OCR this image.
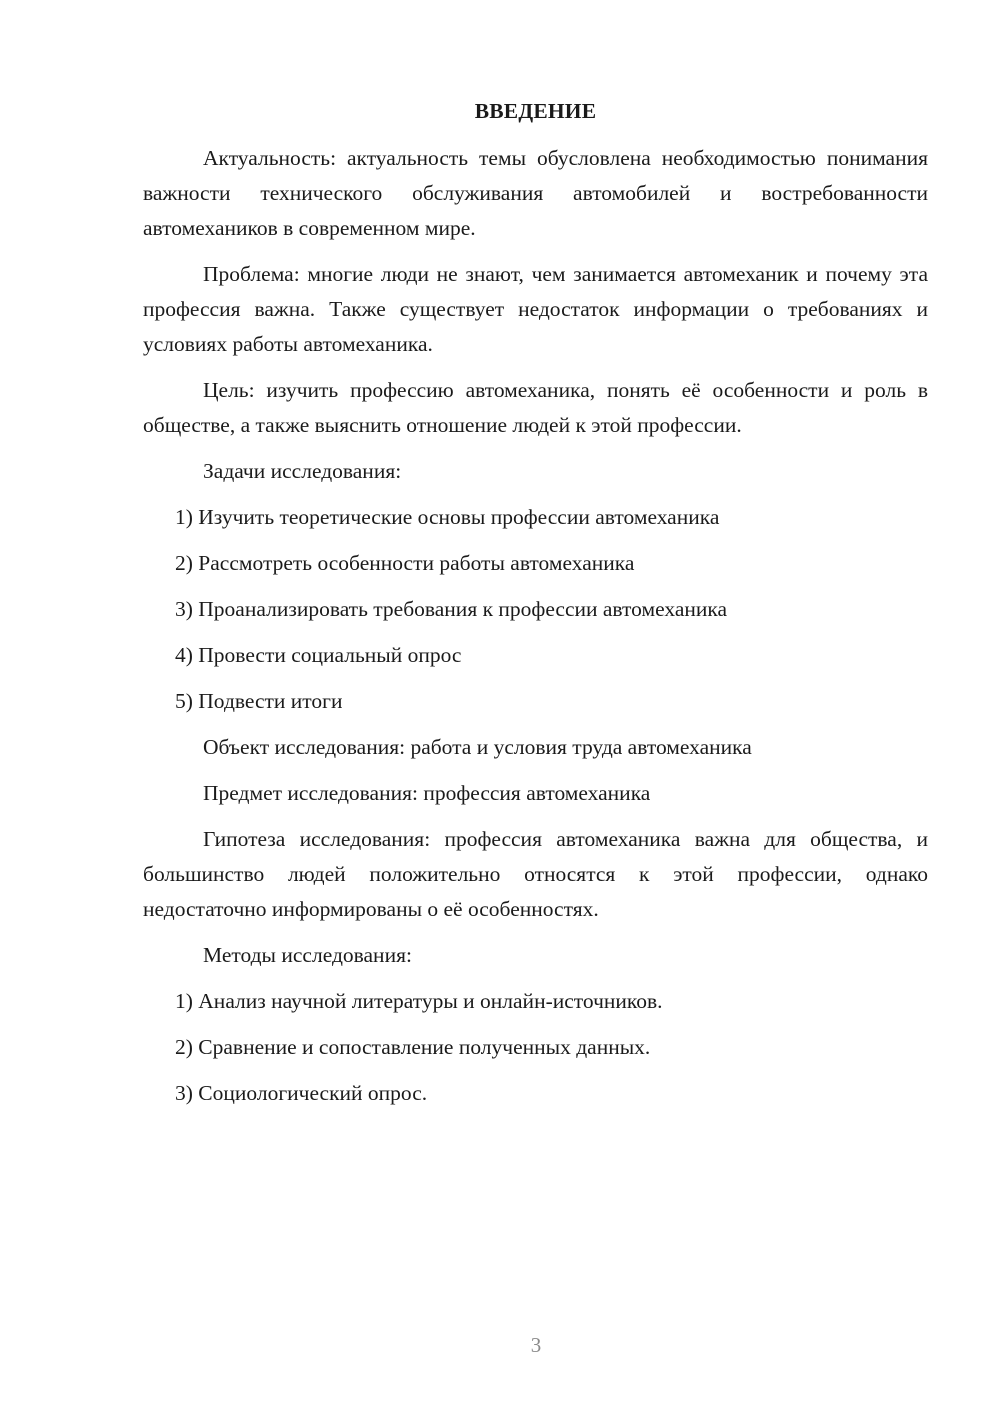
ВВЕДЕНИЕ

Актуальность: актуальность темы обусловлена необходимостью понимания важности технического обслуживания автомобилей и востребованности автомехаников в современном мире.

Проблема: многие люди не знают, чем занимается автомеханик и почему эта профессия важна. Также существует недостаток информации о требованиях и условиях работы автомеханика.

Цель: изучить профессию автомеханика, понять её особенности и роль в обществе, а также выяснить отношение людей к этой профессии.

Задачи исследования:
1) Изучить теоретические основы профессии автомеханика
2) Рассмотреть особенности работы автомеханика
3) Проанализировать требования к профессии автомеханика
4) Провести социальный опрос
5) Подвести итоги
Объект исследования: работа и условия труда автомеханика
Предмет исследования: профессия автомеханика

Гипотеза исследования: профессия автомеханика важна для общества, и большинство людей положительно относятся к этой профессии, однако недостаточно информированы о её особенностях.

Методы исследования:
1) Анализ научной литературы и онлайн-источников.
2) Сравнение и сопоставление полученных данных.
3) Социологический опрос.
3
